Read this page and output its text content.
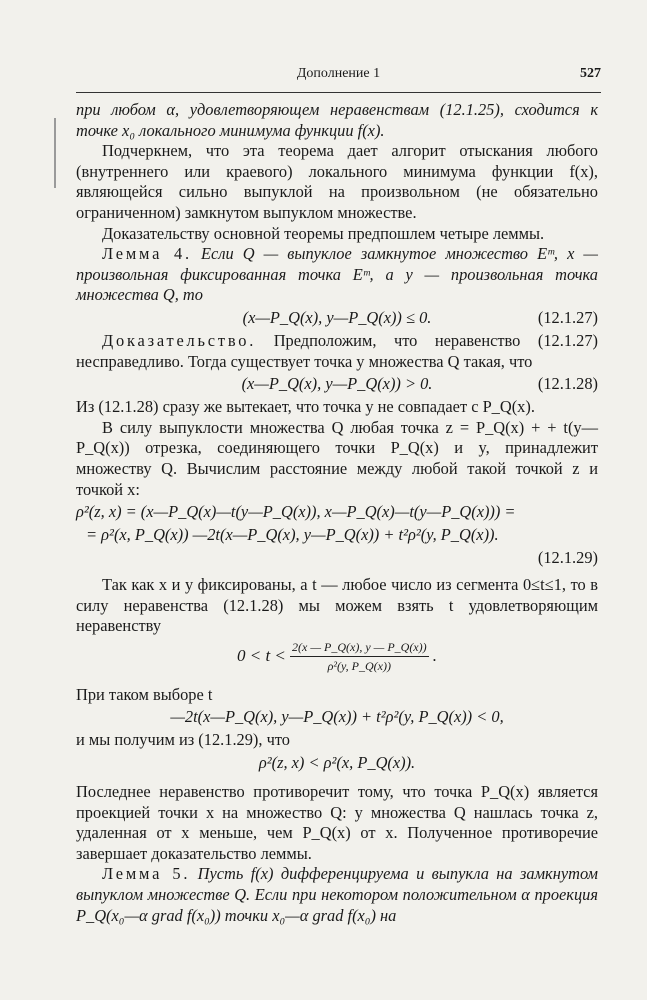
Дополнение 1	527

при любом α, удовлетворяющем неравенствам (12.1.25), сходится к точке x₀ локального минимума функции f(x).

Подчеркнем, что эта теорема дает алгорит отыскания любого (внутреннего или краевого) локального минимума функции f(x), являющейся сильно выпуклой на произвольном (не обязательно ограниченном) замкнутом выпуклом множестве.

Доказательству основной теоремы предпошлем четыре леммы.

Лемма 4. Если Q — выпуклое замкнутое множество Eᵐ, x — произвольная фиксированная точка Eᵐ, а y — произвольная точка множества Q, то

(x—P_Q(x), y—P_Q(x)) ≤ 0.	(12.1.27)

Доказательство. Предположим, что неравенство (12.1.27) несправедливо. Тогда существует точка y множества Q такая, что

(x—P_Q(x), y—P_Q(x)) > 0.	(12.1.28)

Из (12.1.28) сразу же вытекает, что точка y не совпадает с P_Q(x).

В силу выпуклости множества Q любая точка z = P_Q(x) + + t(y—P_Q(x)) отрезка, соединяющего точки P_Q(x) и y, принадлежит множеству Q. Вычислим расстояние между любой такой точкой z и точкой x:

ρ²(z, x) = (x—P_Q(x)—t(y—P_Q(x)), x—P_Q(x)—t(y—P_Q(x))) =
= ρ²(x, P_Q(x)) —2t(x—P_Q(x), y—P_Q(x)) + t²ρ²(y, P_Q(x)).
(12.1.29)

Так как x и y фиксированы, а t — любое число из сегмента 0≤t≤1, то в силу неравенства (12.1.28) мы можем взять t удовлетворяющим неравенству

$0 < t < \frac{2(x — P\_Q(x), y — P\_Q(x))}{\text{ρ²(y, P\_Q(x))}}$ .

При таком выборе t

—2t(x—P_Q(x), y—P_Q(x)) + t²ρ²(y, P_Q(x)) < 0,

и мы получим из (12.1.29), что

ρ²(z, x) < ρ²(x, P_Q(x)).

Последнее неравенство противоречит тому, что точка P_Q(x) является проекцией точки x на множество Q: у множества Q нашлась точка z, удаленная от x меньше, чем P_Q(x) от x. Полученное противоречие завершает доказательство леммы.

Лемма 5. Пусть f(x) дифференцируема и выпукла на замкнутом выпуклом множестве Q. Если при некотором положительном α проекция P_Q(x₀—α grad f(x₀)) точки x₀—α grad f(x₀) на
